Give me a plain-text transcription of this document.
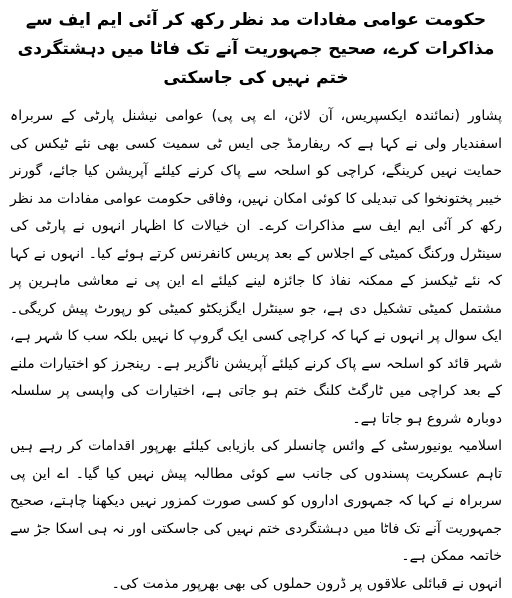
حکومت عوامی مفادات مد نظر رکھ کر آئی ایم ایف سے مذاکرات کرے، صحیح جمہوریت آنے تک فاٹا میں دہشتگردی ختم نہیں کی جاسکتی

پشاور (نمائندہ ایکسپریس، آن لائن، اے پی پی) عوامی نیشنل پارٹی کے سربراہ اسفندیار ولی نے کہا ہے کہ ریفارمڈ جی ایس ٹی سمیت کسی بھی نئے ٹیکس کی حمایت نہیں کرینگے، کراچی کو اسلحہ سے پاک کرنے کیلئے آپریشن کیا جائے، گورنر خیبر پختونخوا کی تبدیلی کا کوئی امکان نہیں، وفاقی حکومت عوامی مفادات مد نظر رکھ کر آئی ایم ایف سے مذاکرات کرے۔ ان خیالات کا اظہار انہوں نے پارٹی کی سینٹرل ورکنگ کمیٹی کے اجلاس کے بعد پریس کانفرنس کرتے ہوئے کیا۔ انہوں نے کہا کہ نئے ٹیکسز کے ممکنہ نفاذ کا جائزہ لینے کیلئے اے این پی نے معاشی ماہرین پر مشتمل کمیٹی تشکیل دی ہے، جو سینٹرل ایگزیکٹو کمیٹی کو رپورٹ پیش کریگی۔ ایک سوال پر انہوں نے کہا کہ کراچی کسی ایک گروپ کا نہیں بلکہ سب کا شہر ہے، شہر قائد کو اسلحہ سے پاک کرنے کیلئے آپریشن ناگزیر ہے۔ رینجرز کو اختیارات ملنے کے بعد کراچی میں ٹارگٹ کلنگ ختم ہو جاتی ہے، اختیارات کی واپسی پر سلسلہ دوبارہ شروع ہو جاتا ہے۔

اسلامیہ یونیورسٹی کے وائس چانسلر کی بازیابی کیلئے بھرپور اقدامات کر رہے ہیں تاہم عسکریت پسندوں کی جانب سے کوئی مطالبہ پیش نہیں کیا گیا۔ اے این پی سربراہ نے کہا کہ جمہوری اداروں کو کسی صورت کمزور نہیں دیکھنا چاہتے، صحیح جمہوریت آنے تک فاٹا میں دہشتگردی ختم نہیں کی جاسکتی اور نہ ہی اسکا جڑ سے خاتمہ ممکن ہے۔

انہوں نے قبائلی علاقوں پر ڈرون حملوں کی بھی بھرپور مذمت کی۔
